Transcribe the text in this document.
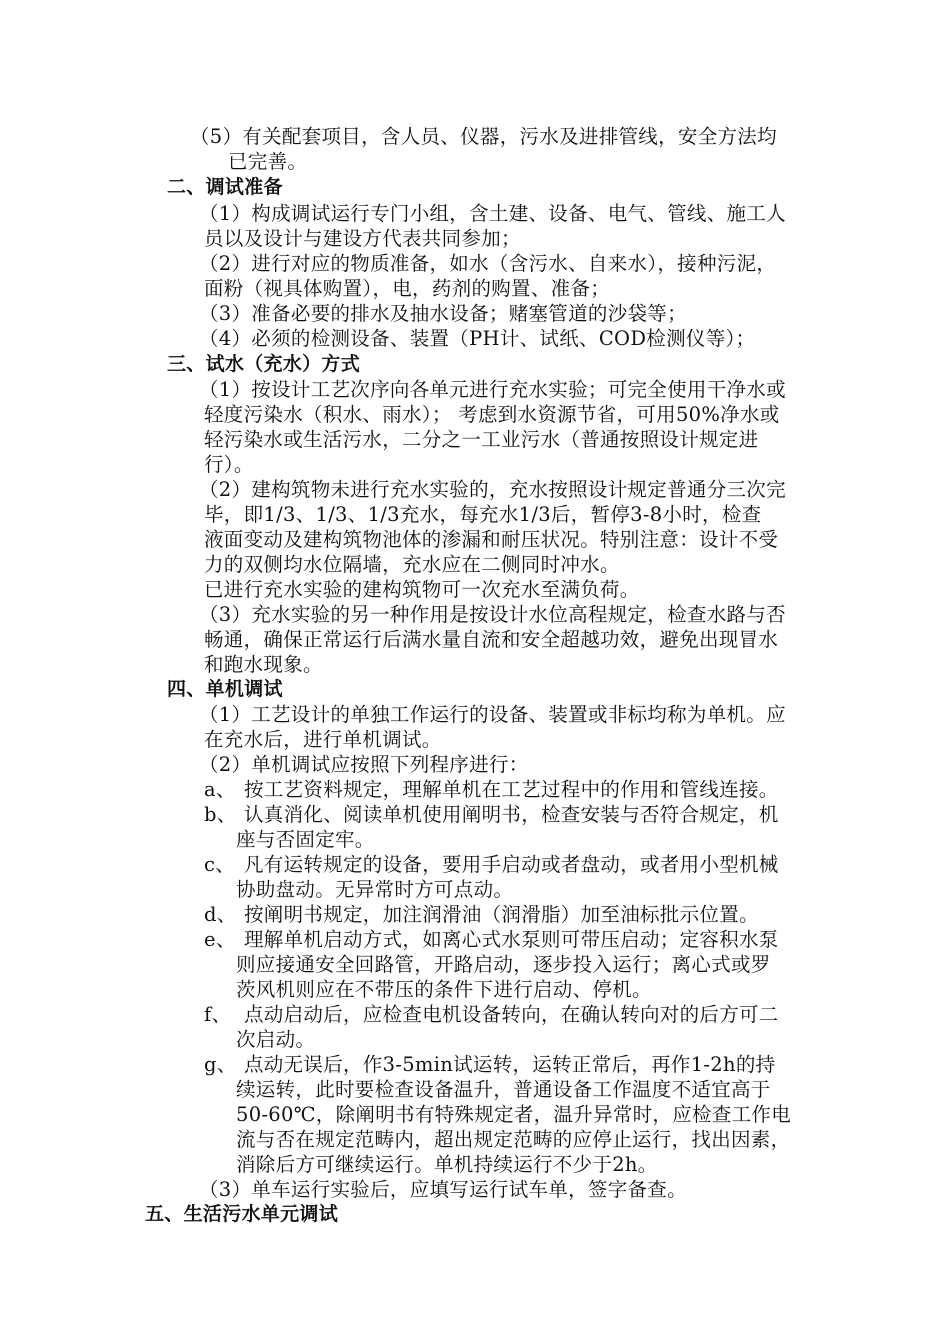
（5）有关配套项目，含人员、仪器，污水及进排管线，安全方法均
已完善。
二、调试准备
（1）构成调试运行专门小组，含土建、设备、电气、管线、施工人
员以及设计与建设方代表共同参加；
（2）进行对应的物质准备，如水（含污水、自来水），接种污泥，
面粉（视具体购置），电，药剂的购置、准备；
（3）准备必要的排水及抽水设备；赌塞管道的沙袋等；
（4）必须的检测设备、装置（PH计、试纸、COD检测仪等）；
三、试水（充水）方式
（1）按设计工艺次序向各单元进行充水实验；可完全使用干净水或
轻度污染水（积水、雨水）； 考虑到水资源节省，可用50%净水或
轻污染水或生活污水，二分之一工业污水（普通按照设计规定进
行）。
（2）建构筑物未进行充水实验的，充水按照设计规定普通分三次完
毕，即1/3、1/3、1/3充水，每充水1/3后，暂停3-8小时，检查
液面变动及建构筑物池体的渗漏和耐压状况。特别注意：设计不受
力的双侧均水位隔墙，充水应在二侧同时冲水。
已进行充水实验的建构筑物可一次充水至满负荷。
（3）充水实验的另一种作用是按设计水位高程规定，检查水路与否
畅通，确保正常运行后满水量自流和安全超越功效，避免出现冒水
和跑水现象。
四、单机调试
（1）工艺设计的单独工作运行的设备、装置或非标均称为单机。应
在充水后，进行单机调试。
（2）单机调试应按照下列程序进行：
a、 按工艺资料规定，理解单机在工艺过程中的作用和管线连接。
b、 认真消化、阅读单机使用阐明书，检查安装与否符合规定，机
座与否固定牢。
c、 凡有运转规定的设备，要用手启动或者盘动，或者用小型机械
协助盘动。无异常时方可点动。
d、 按阐明书规定，加注润滑油（润滑脂）加至油标批示位置。
e、 理解单机启动方式，如离心式水泵则可带压启动；定容积水泵
则应接通安全回路管，开路启动，逐步投入运行；离心式或罗
茨风机则应在不带压的条件下进行启动、停机。
f、 点动启动后，应检查电机设备转向，在确认转向对的后方可二
次启动。
g、 点动无误后，作3-5min试运转，运转正常后，再作1-2h的持
续运转，此时要检查设备温升，普通设备工作温度不适宜高于
50-60℃，除阐明书有特殊规定者，温升异常时，应检查工作电
流与否在规定范畴内，超出规定范畴的应停止运行，找出因素，
消除后方可继续运行。单机持续运行不少于2h。
（3）单车运行实验后，应填写运行试车单，签字备查。
五、生活污水单元调试
